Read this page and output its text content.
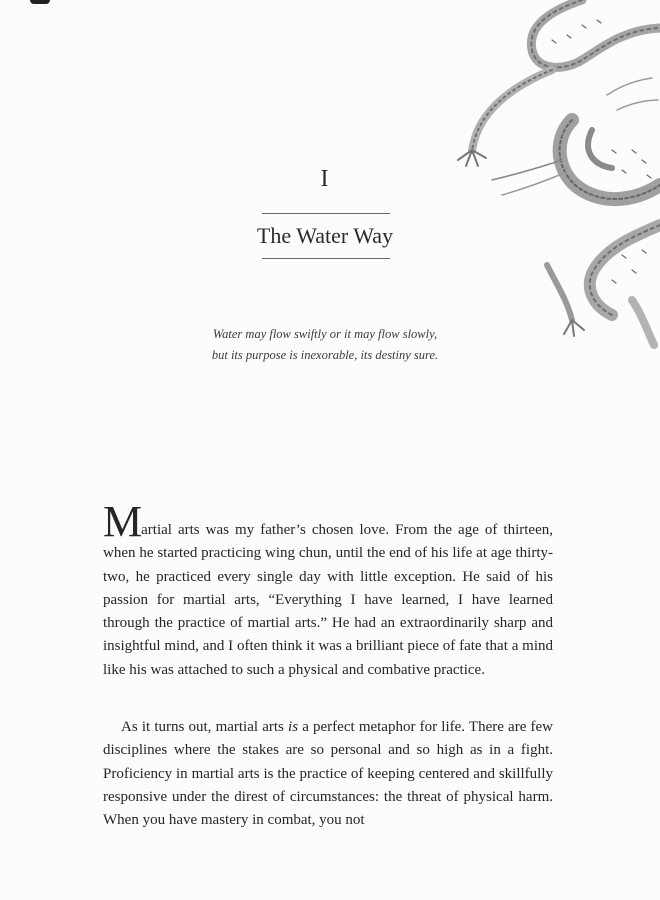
I
The Water Way
Water may flow swiftly or it may flow slowly,
but its purpose is inexorable, its destiny sure.
Martial arts was my father’s chosen love. From the age of thirteen, when he started practicing wing chun, until the end of his life at age thirty-two, he practiced every single day with little exception. He said of his passion for martial arts, “Everything I have learned, I have learned through the practice of martial arts.” He had an extraordinarily sharp and insightful mind, and I often think it was a brilliant piece of fate that a mind like his was attached to such a physical and combative practice.
As it turns out, martial arts is a perfect metaphor for life. There are few disciplines where the stakes are so personal and so high as in a fight. Proficiency in martial arts is the practice of keeping centered and skillfully responsive under the direst of circumstances: the threat of physical harm. When you have mastery in combat, you not
